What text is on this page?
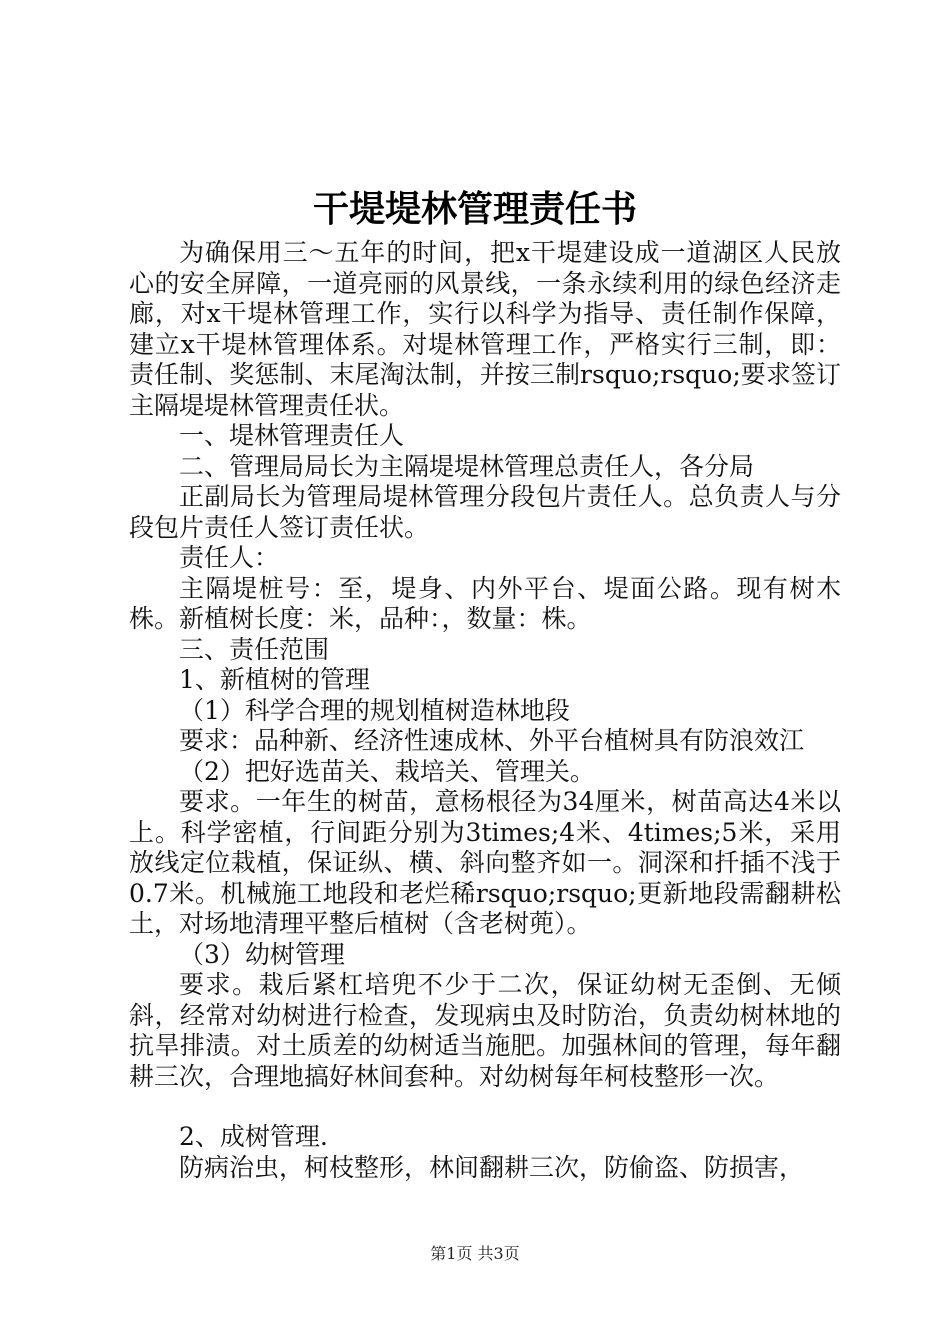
干堤堤林管理责任书

为确保用三～五年的时间，把x干堤建设成一道湖区人民放心的安全屏障，一道亮丽的风景线，一条永续利用的绿色经济走廊，对x干堤林管理工作，实行以科学为指导、责任制作保障，建立x干堤林管理体系。对堤林管理工作，严格实行三制，即：责任制、奖惩制、末尾淘汰制，并按三制rsquo;rsquo;要求签订主隔堤堤林管理责任状。

一、堤林管理责任人

二、管理局局长为主隔堤堤林管理总责任人，各分局

正副局长为管理局堤林管理分段包片责任人。总负责人与分段包片责任人签订责任状。

责任人：

主隔堤桩号：至，堤身、内外平台、堤面公路。现有树木株。新植树长度：米，品种：，数量：株。

三、责任范围

1、新植树的管理

（1）科学合理的规划植树造林地段

要求：品种新、经济性速成林、外平台植树具有防浪效江

（2）把好选苗关、栽培关、管理关。

要求。一年生的树苗，意杨根径为34厘米，树苗高达4米以上。科学密植，行间距分别为3times;4米、4times;5米，采用放线定位栽植，保证纵、横、斜向整齐如一。洞深和扦插不浅于0.7米。机械施工地段和老烂稀rsquo;rsquo;更新地段需翻耕松土，对场地清理平整后植树（含老树蔸）。

（3）幼树管理

要求。栽后紧杠培兜不少于二次，保证幼树无歪倒、无倾斜，经常对幼树进行检查，发现病虫及时防治，负责幼树林地的抗旱排渍。对土质差的幼树适当施肥。加强林间的管理，每年翻耕三次，合理地搞好林间套种。对幼树每年柯枝整形一次。

2、成树管理.

防病治虫，柯枝整形，林间翻耕三次，防偷盗、防损害，

第1页 共3页
